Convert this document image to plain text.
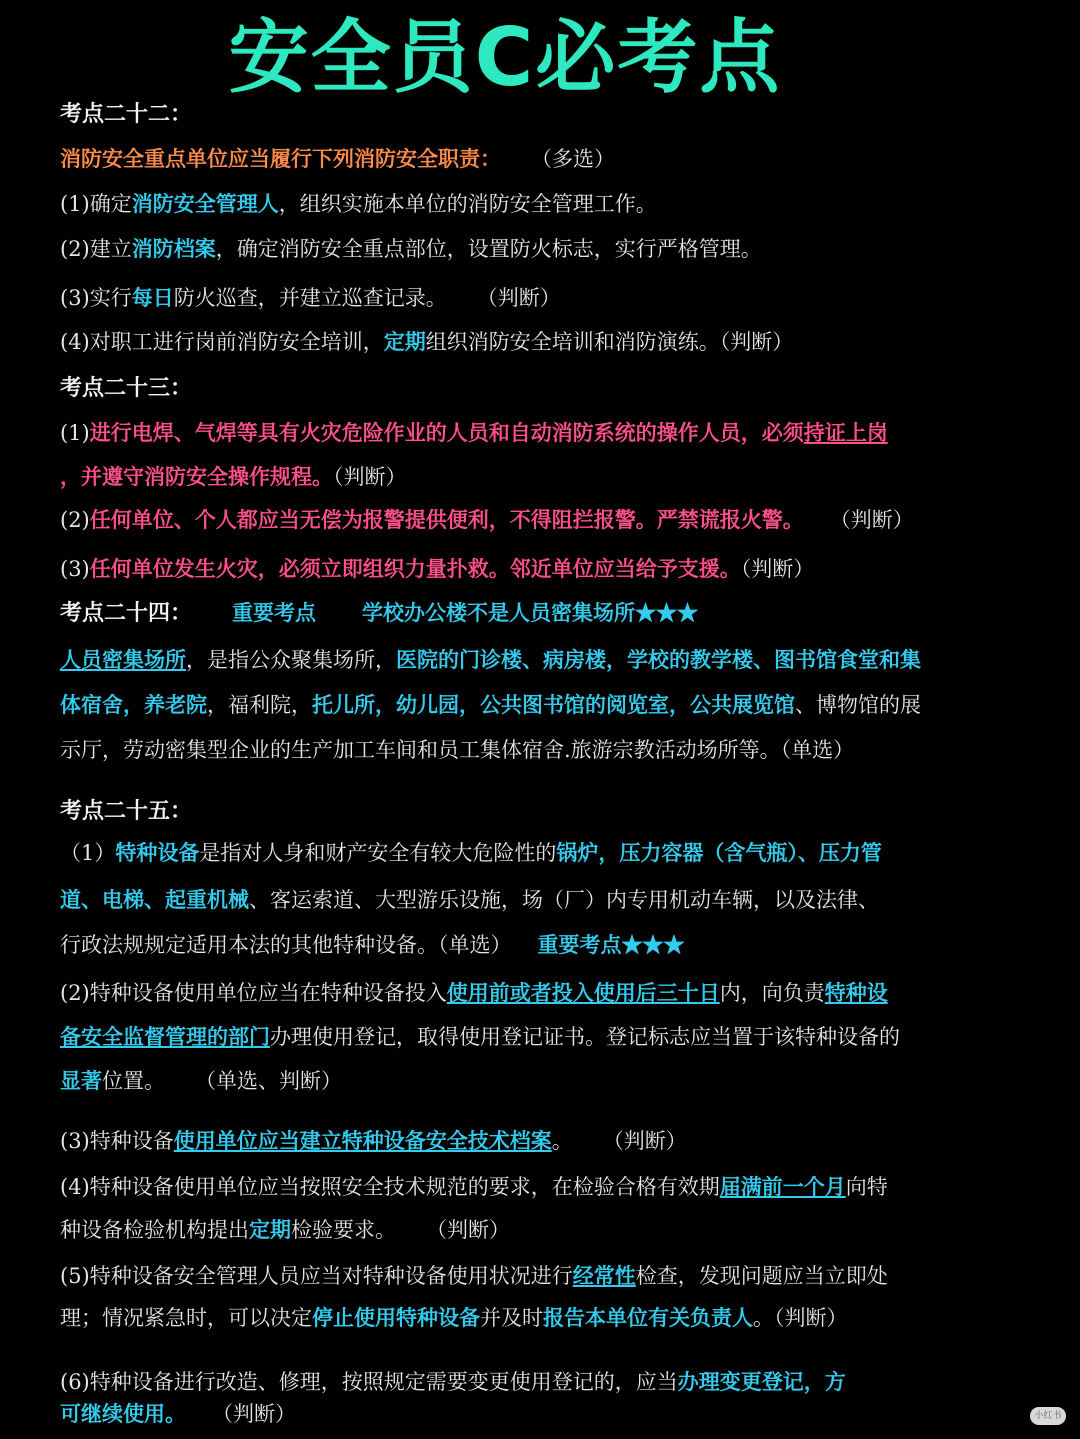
安全员C必考点
考点二十二：
消防安全重点单位应当履行下列消防安全职责： （多选）
(1)确定消防安全管理人，组织实施本单位的消防安全管理工作。
(2)建立消防档案，确定消防安全重点部位，设置防火标志，实行严格管理。
(3)实行每日防火巡查，并建立巡查记录。 （判断）
(4)对职工进行岗前消防安全培训，定期组织消防安全培训和消防演练。（判断）
考点二十三：
(1)进行电焊、气焊等具有火灾危险作业的人员和自动消防系统的操作人员，必须持证上岗
，并遵守消防安全操作规程。（判断）
(2)任何单位、个人都应当无偿为报警提供便利，不得阻拦报警。严禁谎报火警。 （判断）
(3)任何单位发生火灾，必须立即组织力量扑救。邻近单位应当给予支援。（判断）
考点二十四： 重要考点 学校办公楼不是人员密集场所★★★
人员密集场所，是指公众聚集场所，医院的门诊楼、病房楼，学校的教学楼、图书馆食堂和集
体宿舍，养老院，福利院，托儿所，幼儿园，公共图书馆的阅览室，公共展览馆、博物馆的展
示厅，劳动密集型企业的生产加工车间和员工集体宿舍.旅游宗教活动场所等。（单选）
考点二十五：
（1）特种设备是指对人身和财产安全有较大危险性的锅炉，压力容器（含气瓶）、压力管
道、电梯、起重机械、客运索道、大型游乐设施，场（厂）内专用机动车辆，以及法律、
行政法规规定适用本法的其他特种设备。（单选） 重要考点★★★
(2)特种设备使用单位应当在特种设备投入使用前或者投入使用后三十日内，向负责特种设
备安全监督管理的部门办理使用登记，取得使用登记证书。登记标志应当置于该特种设备的
显著位置。 （单选、判断）
(3)特种设备使用单位应当建立特种设备安全技术档案。 （判断）
(4)特种设备使用单位应当按照安全技术规范的要求，在检验合格有效期届满前一个月向特
种设备检验机构提出定期检验要求。 （判断）
(5)特种设备安全管理人员应当对特种设备使用状况进行经常性检查，发现问题应当立即处
理；情况紧急时，可以决定停止使用特种设备并及时报告本单位有关负责人。（判断）
(6)特种设备进行改造、修理，按照规定需要变更使用登记的，应当办理变更登记，方
可继续使用。 （判断）	小红书
